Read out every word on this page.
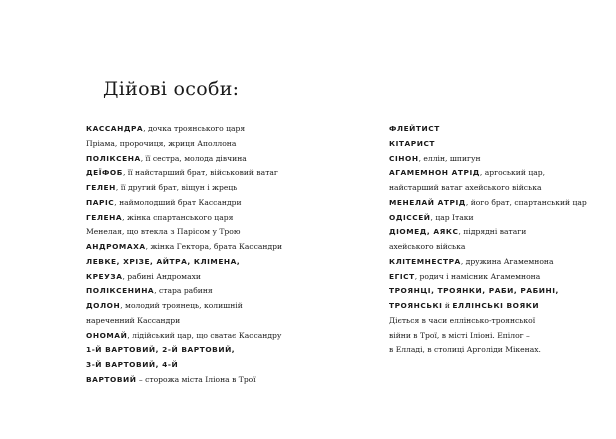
Дійові особи:
КАССАНДРА, дочка троянського царя
Пріама, пророчиця, жриця Аполлона
ПОЛІКСЕНА, її сестра, молода дівчина
ДЕЇФОБ, її найстарший брат, військовий ватаг
ГЕЛЕН, її другий брат, віщун і жрець
ПАРІС, наймолодший брат Кассандри
ГЕЛЕНА, жінка спартанського царя
Менелая, що втекла з Парісом у Трою
АНДРОМАХА, жінка Гектора, брата Кассандри
ЛЕВКЕ, ХРІЗЕ, АЙТРА, КЛІМЕНА,
КРЕУЗА, рабині Андромахи
ПОЛІКСЕНИНА, стара рабиня
ДОЛОН, молодий троянець, колишній
нареченний Кассандри
ОНОМАЙ, лідійський цар, що сватає Кассандру
1-Й ВАРТОВИЙ, 2-Й ВАРТОВИЙ,
3-Й ВАРТОВИЙ, 4-Й
ВАРТОВИЙ – сторожа міста Іліона в Трої
ФЛЕЙТИСТ
КІТАРИСТ
СІНОН, еллін, шпигун
АГАМЕМНОН АТРІД, аргоський цар,
найстарший ватаг ахейського війська
МЕНЕЛАЙ АТРІД, його брат, спартанський цар
ОДІССЕЙ, цар Ітаки
ДІОМЕД, АЯКС, підрядні ватаги
ахейського війська
КЛІТЕМНЕСТРА, дружина Агамемнона
ЕГІСТ, родич і намісник Агамемнона
ТРОЯНЦІ, ТРОЯНКИ, РАБИ, РАБИНІ,
ТРОЯНСЬКІ й ЕЛЛІНСЬКІ ВОЯКИ
Діється в часи еллінсько-троянської
війни в Трої, в місті Іліоні. Епілог –
в Елладі, в столиці Арголіди Мікенах.
